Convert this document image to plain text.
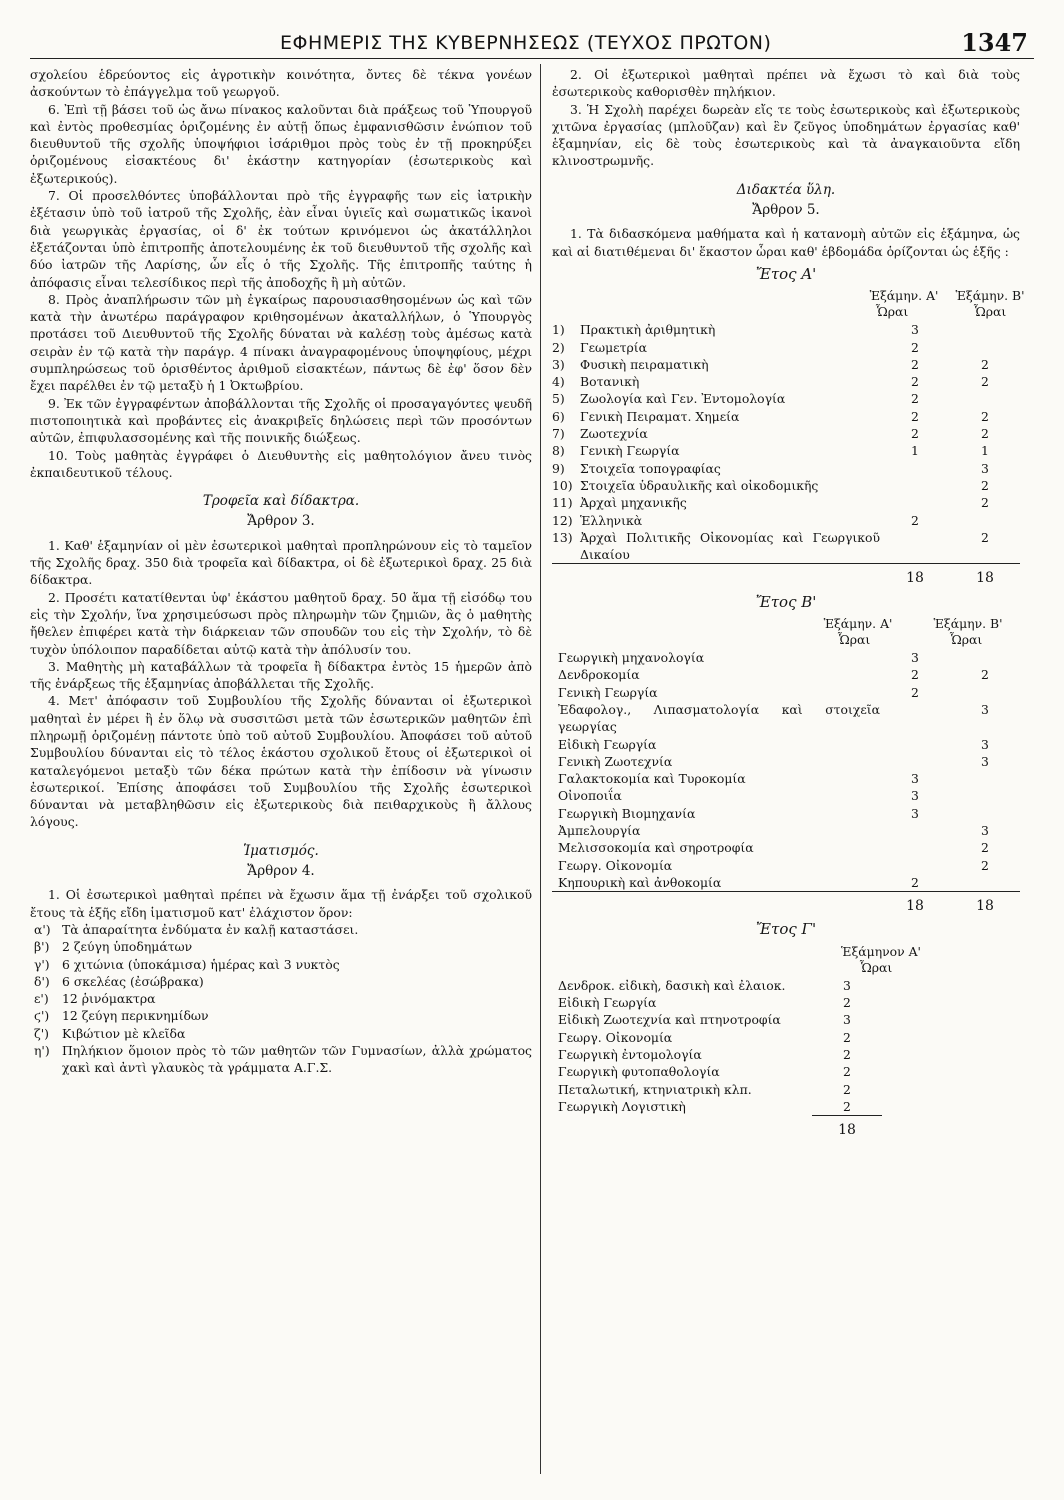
ΕΦΗΜΕΡΙΣ ΤΗΣ ΚΥΒΕΡΝΗΣΕΩΣ (ΤΕΥΧΟΣ ΠΡΩΤΟΝ)	1347

σχολείου ἑδρεύοντος εἰς ἀγροτικὴν κοινότητα, ὄντες δὲ τέκνα γονέων ἀσκούντων τὸ ἐπάγγελμα τοῦ γεωργοῦ.

6. Ἐπὶ τῇ βάσει τοῦ ὡς ἄνω πίνακος καλοῦνται διὰ πράξεως τοῦ Ὑπουργοῦ καὶ ἐντὸς προθεσμίας ὁριζομένης ἐν αὐτῇ ὅπως ἐμφανισθῶσιν ἐνώπιον τοῦ διευθυντοῦ τῆς σχολῆς ὑποψήφιοι ἰσάριθμοι πρὸς τοὺς ἐν τῇ προκηρύξει ὁριζομένους εἰσακτέους δι' ἑκάστην κατηγορίαν (ἐσωτερικοὺς καὶ ἐξωτερικούς).

7. Οἱ προσελθόντες ὑποβάλλονται πρὸ τῆς ἐγγραφῆς των εἰς ἰατρικὴν ἐξέτασιν ὑπὸ τοῦ ἰατροῦ τῆς Σχολῆς, ἐὰν εἶναι ὑγιεῖς καὶ σωματικῶς ἱκανοὶ διὰ γεωργικὰς ἐργασίας, οἱ δ' ἐκ τούτων κρινόμενοι ὡς ἀκατάλληλοι ἐξετάζονται ὑπὸ ἐπιτροπῆς ἀποτελουμένης ἐκ τοῦ διευθυντοῦ τῆς σχολῆς καὶ δύο ἰατρῶν τῆς Λαρίσης, ὧν εἷς ὁ τῆς Σχολῆς. Τῆς ἐπιτροπῆς ταύτης ἡ ἀπόφασις εἶναι τελεσίδικος περὶ τῆς ἀποδοχῆς ἢ μὴ αὐτῶν.

8. Πρὸς ἀναπλήρωσιν τῶν μὴ ἐγκαίρως παρουσιασθησομένων ὡς καὶ τῶν κατὰ τὴν ἀνωτέρω παράγραφον κριθησομένων ἀκαταλλήλων, ὁ Ὑπουργὸς προτάσει τοῦ Διευθυντοῦ τῆς Σχολῆς δύναται νὰ καλέσῃ τοὺς ἀμέσως κατὰ σειρὰν ἐν τῷ κατὰ τὴν παράγρ. 4 πίνακι ἀναγραφομένους ὑποψηφίους, μέχρι συμπληρώσεως τοῦ ὁρισθέντος ἀριθμοῦ εἰσακτέων, πάντως δὲ ἐφ' ὅσον δὲν ἔχει παρέλθει ἐν τῷ μεταξὺ ἡ 1 Ὀκτωβρίου.

9. Ἐκ τῶν ἐγγραφέντων ἀποβάλλονται τῆς Σχολῆς οἱ προσαγαγόντες ψευδῆ πιστοποιητικὰ καὶ προβάντες εἰς ἀνακριβεῖς δηλώσεις περὶ τῶν προσόντων αὐτῶν, ἐπιφυλασσομένης καὶ τῆς ποινικῆς διώξεως.

10. Τοὺς μαθητὰς ἐγγράφει ὁ Διευθυντὴς εἰς μαθητολόγιον ἄνευ τινὸς ἐκπαιδευτικοῦ τέλους.

Τροφεῖα καὶ δίδακτρα.

Ἄρθρον 3.

1. Καθ' ἑξαμηνίαν οἱ μὲν ἐσωτερικοὶ μαθηταὶ προπληρώνουν εἰς τὸ ταμεῖον τῆς Σχολῆς δραχ. 350 διὰ τροφεῖα καὶ δίδακτρα, οἱ δὲ ἐξωτερικοὶ δραχ. 25 διὰ δίδακτρα.

2. Προσέτι κατατίθενται ὑφ' ἑκάστου μαθητοῦ δραχ. 50 ἅμα τῇ εἰσόδῳ του εἰς τὴν Σχολήν, ἵνα χρησιμεύσωσι πρὸς πληρωμὴν τῶν ζημιῶν, ἃς ὁ μαθητὴς ἤθελεν ἐπιφέρει κατὰ τὴν διάρκειαν τῶν σπουδῶν του εἰς τὴν Σχολήν, τὸ δὲ τυχὸν ὑπόλοιπον παραδίδεται αὐτῷ κατὰ τὴν ἀπόλυσίν του.

3. Μαθητὴς μὴ καταβάλλων τὰ τροφεῖα ἢ δίδακτρα ἐντὸς 15 ἡμερῶν ἀπὸ τῆς ἐνάρξεως τῆς ἑξαμηνίας ἀποβάλλεται τῆς Σχολῆς.

4. Μετ' ἀπόφασιν τοῦ Συμβουλίου τῆς Σχολῆς δύνανται οἱ ἐξωτερικοὶ μαθηταὶ ἐν μέρει ἢ ἐν ὅλῳ νὰ συσσιτῶσι μετὰ τῶν ἐσωτερικῶν μαθητῶν ἐπὶ πληρωμῇ ὁριζομένῃ πάντοτε ὑπὸ τοῦ αὐτοῦ Συμβουλίου. Ἀποφάσει τοῦ αὐτοῦ Συμβουλίου δύνανται εἰς τὸ τέλος ἑκάστου σχολικοῦ ἔτους οἱ ἐξωτερικοὶ οἱ καταλεγόμενοι μεταξὺ τῶν δέκα πρώτων κατὰ τὴν ἐπίδοσιν νὰ γίνωσιν ἐσωτερικοί. Ἐπίσης ἀποφάσει τοῦ Συμβουλίου τῆς Σχολῆς ἐσωτερικοὶ δύνανται νὰ μεταβληθῶσιν εἰς ἐξωτερικοὺς διὰ πειθαρχικοὺς ἢ ἄλλους λόγους.

Ἱματισμός.

Ἄρθρον 4.

1. Οἱ ἐσωτερικοὶ μαθηταὶ πρέπει νὰ ἔχωσιν ἅμα τῇ ἐνάρξει τοῦ σχολικοῦ ἔτους τὰ ἑξῆς εἴδη ἱματισμοῦ κατ' ἐλάχιστον ὅρον:

α') Τὰ ἀπαραίτητα ἐνδύματα ἐν καλῇ καταστάσει.
β') 2 ζεύγη ὑποδημάτων
γ') 6 χιτώνια (ὑποκάμισα) ἡμέρας καὶ 3 νυκτὸς
δ') 6 σκελέας (ἐσώβρακα)
ε') 12 ῥινόμακτρα
ϛ') 12 ζεύγη περικνημίδων
ζ') Κιβώτιον μὲ κλεῖδα
η') Πηλήκιον ὅμοιον πρὸς τὸ τῶν μαθητῶν τῶν Γυμνασίων, ἀλλὰ χρώματος χακὶ καὶ ἀντὶ γλαυκὸς τὰ γράμματα Α.Γ.Σ.

2. Οἱ ἐξωτερικοὶ μαθηταὶ πρέπει νὰ ἔχωσι τὸ καὶ διὰ τοὺς ἐσωτερικοὺς καθορισθὲν πηλήκιον.

3. Ἡ Σχολὴ παρέχει δωρεὰν εἴς τε τοὺς ἐσωτερικοὺς καὶ ἐξωτερικοὺς χιτῶνα ἐργασίας (μπλοῦζαν) καὶ ἓν ζεῦγος ὑποδημάτων ἐργασίας καθ' ἑξαμηνίαν, εἰς δὲ τοὺς ἐσωτερικοὺς καὶ τὰ ἀναγκαιοῦντα εἴδη κλινοστρωμνῆς.

Διδακτέα ὕλη.

Ἄρθρον 5.

1. Τὰ διδασκόμενα μαθήματα καὶ ἡ κατανομὴ αὐτῶν εἰς ἑξάμηνα, ὡς καὶ αἱ διατιθέμεναι δι' ἕκαστον ὧραι καθ' ἑβδομάδα ὁρίζονται ὡς ἑξῆς :

Ἔτος Α'

Ἑξάμην. Α'	Ἑξάμην. Β'
Ὧραι	Ὧραι
1)	Πρακτικὴ ἀριθμητικὴ	3	
2)	Γεωμετρία	2	
3)	Φυσικὴ πειραματικὴ	2	2
4)	Βοτανικὴ	2	2
5)	Ζωολογία καὶ Γεν. Ἐντομολογία	2	
6)	Γενικὴ Πειραματ. Χημεία	2	2
7)	Ζωοτεχνία	2	2
8)	Γενικὴ Γεωργία	1	1
9)	Στοιχεῖα τοπογραφίας		3
10)	Στοιχεῖα ὑδραυλικῆς καὶ οἰκοδομικῆς		2
11)	Ἀρχαὶ μηχανικῆς		2
12)	Ἑλληνικὰ	2	
13)	Ἀρχαὶ Πολιτικῆς Οἰκονομίας καὶ Γεωργικοῦ Δικαίου		2
		18	18

Ἔτος Β'

Ἑξάμην. Α'	Ἑξάμην. Β'
Ὧραι	Ὧραι
Γεωργικὴ μηχανολογία	3	
Δενδροκομία	2	2
Γενικὴ Γεωργία	2	
Ἐδαφολογ., Λιπασματολογία καὶ στοιχεῖα γεωργίας		3
Εἰδικὴ Γεωργία		3
Γενικὴ Ζωοτεχνία		3
Γαλακτοκομία καὶ Τυροκομία	3	
Οἰνοποιΐα	3	
Γεωργικὴ Βιομηχανία	3	
Ἀμπελουργία		3
Μελισσοκομία καὶ σηροτροφία		2
Γεωργ. Οἰκονομία		2
Κηπουρικὴ καὶ ἀνθοκομία	2	
	18	18

Ἔτος Γ'

Ἑξάμηνον Α'
Ὧραι
Δενδροκ. εἰδικὴ, δασικὴ καὶ ἐλαιοκ.	3
Εἰδικὴ Γεωργία	2
Εἰδικὴ Ζωοτεχνία καὶ πτηνοτροφία	3
Γεωργ. Οἰκονομία	2
Γεωργικὴ ἐντομολογία	2
Γεωργικὴ φυτοπαθολογία	2
Πεταλωτική, κτηνιατρικὴ κλπ.	2
Γεωργικὴ Λογιστικὴ	2
	18
